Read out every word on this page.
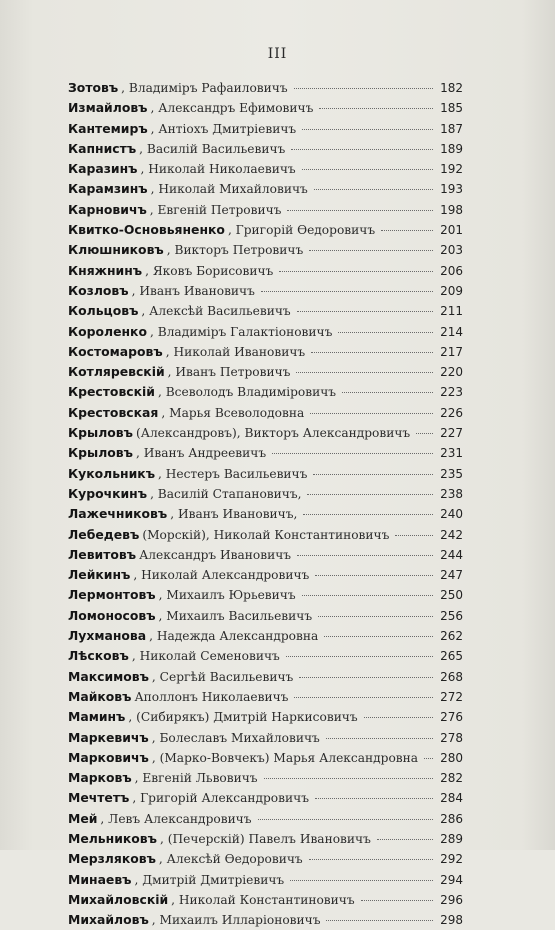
III
Зотовъ , Владиміръ Рафаиловичъ	182
Измайловъ , Александръ Ефимовичъ	185
Кантемиръ , Антіохъ Дмитріевичъ	187
Капнистъ , Василій Васильевичъ	189
Каразинъ , Николай Николаевичъ	192
Карамзинъ , Николай Михайловичъ	193
Карновичъ , Евгеній Петровичъ	198
Квитко-Основьяненко , Григорій Ѳедоровичъ	201
Клюшниковъ , Викторъ Петровичъ	203
Княжнинъ , Яковъ Борисовичъ	206
Козловъ , Иванъ Ивановичъ	209
Кольцовъ , Алексѣй Васильевичъ	211
Короленко , Владиміръ Галактіоновичъ	214
Костомаровъ , Николай Ивановичъ	217
Котляревскій , Иванъ Петровичъ	220
Крестовскій , Всеволодъ Владиміровичъ	223
Крестовская , Марья Всеволодовна	226
Крыловъ (Александровъ), Викторъ Александровичъ 227
Крыловъ , Иванъ Андреевичъ	231
Кукольникъ , Нестеръ Васильевичъ	235
Курочкинъ , Василій Стапановичъ,	238
Лажечниковъ , Иванъ Ивановичъ,	240
Лебедевъ (Морскій), Николай Константиновичъ	242
Левитовъ Александръ Ивановичъ	244
Лейкинъ , Николай Александровичъ	247
Лермонтовъ , Михаилъ Юрьевичъ	250
Ломоносовъ , Михаилъ Васильевичъ	256
Лухманова , Надежда Александровна	262
Лѣсковъ , Николай Семеновичъ	265
Максимовъ , Сергѣй Васильевичъ	268
Майковъ Аполлонъ Николаевичъ	272
Маминъ , (Сибирякъ) Дмитрій Наркисовичъ	276
Маркевичъ , Болеславъ Михайловичъ	278
Марковичъ , (Марко-Вовчекъ) Марья Александровна 280
Марковъ , Евгеній Львовичъ	282
Мечтетъ , Григорій Александровичъ	284
Мей , Левъ Александровичъ	286
Мельниковъ , (Печерскій) Павелъ Ивановичъ	289
Мерзляковъ , Алексѣй Ѳедоровичъ	292
Минаевъ , Дмитрій Дмитріевичъ	294
Михайловскій , Николай Константиновичъ	296
Михайловъ , Михаилъ Илларіоновичъ	298
